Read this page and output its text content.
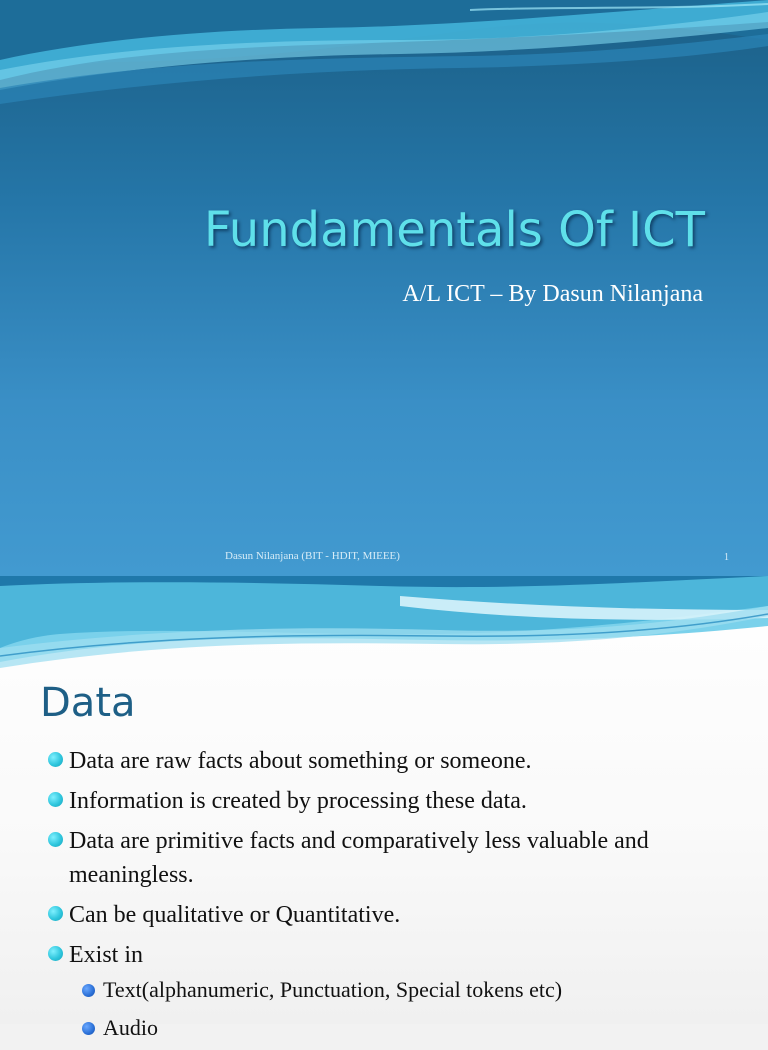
Fundamentals Of ICT
A/L ICT – By Dasun Nilanjana
Dasun Nilanjana (BIT - HDIT, MIEEE)	1
Data
Data are raw facts about something or someone.
Information is created by processing these data.
Data are primitive facts and comparatively less valuable and meaningless.
Can be qualitative or Quantitative.
Exist in
Text(alphanumeric, Punctuation, Special tokens etc)
Audio
